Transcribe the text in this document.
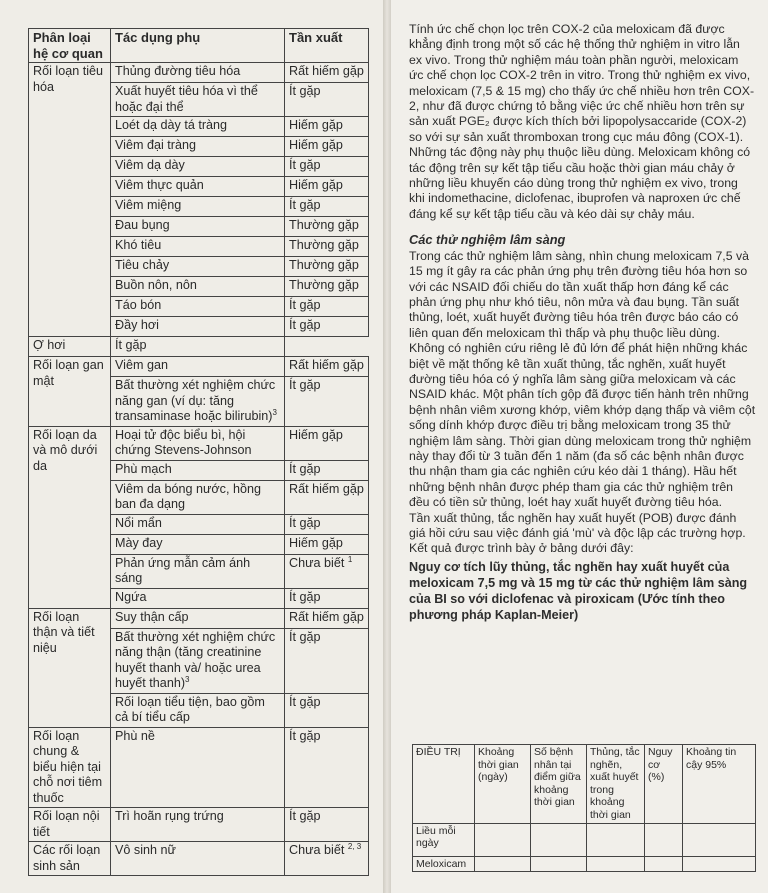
Phân loại hệ cơ quan	Tác dụng phụ	Tần xuất
Rối loạn tiêu hóa	Thủng đường tiêu hóa	Rất hiếm gặp
	Xuất huyết tiêu hóa vì thể hoặc đại thể	Ít gặp
	Loét dạ dày tá tràng	Hiếm gặp
	Viêm đại tràng	Hiếm gặp
	Viêm dạ dày	Ít gặp
	Viêm thực quản	Hiếm gặp
	Viêm miệng	Ít gặp
	Đau bụng	Thường gặp
	Khó tiêu	Thường gặp
	Tiêu chảy	Thường gặp
	Buồn nôn, nôn	Thường gặp
	Táo bón	Ít gặp
	Đầy hơi	Ít gặp
Ợ hơi	Ít gặp	
Rối loạn gan mật	Viêm gan	Rất hiếm gặp
	Bất thường xét nghiệm chức năng gan (ví dụ: tăng transaminase hoặc bilirubin)$^3$	Ít gặp
Rối loạn da và mô dưới da	Hoại tử độc biểu bì, hội chứng Stevens-Johnson	Hiếm gặp
	Phù mạch	Ít gặp
	Viêm da bóng nước, hồng ban đa dạng	Rất hiếm gặp
	Nổi mẩn	Ít gặp
	Mày đay	Hiếm gặp
	Phản ứng mẫn cảm ánh sáng	Chưa biết $^1$
	Ngứa	Ít gặp
Rối loạn thận và tiết niệu	Suy thận cấp	Rất hiếm gặp
	Bất thường xét nghiệm chức năng thận (tăng creatinine huyết thanh và/ hoặc urea huyết thanh)$^3$	Ít gặp
	Rối loạn tiểu tiện, bao gồm cả bí tiểu cấp	Ít gặp
Rối loạn chung & biểu hiện tại chỗ nơi tiêm thuốc	Phù nề	Ít gặp
Rối loạn nội tiết	Trì hoãn rụng trứng	Ít gặp
Các rối loạn sinh sản	Vô sinh nữ	Chưa biết $^{2, 3}$

Tính ức chế chọn lọc trên COX-2 của meloxicam đã được khẳng định trong một số các hệ thống thử nghiệm in vitro lẫn ex vivo. Trong thử nghiệm máu toàn phần người, meloxicam ức chế chọn lọc COX-2 trên in vitro. Trong thử nghiệm ex vivo, meloxicam (7,5 & 15 mg) cho thấy ức chế nhiều hơn trên COX-2, như đã được chứng tỏ bằng việc ức chế nhiều hơn trên sự sản xuất PGE₂ được kích thích bởi lipopolysaccaride (COX-2) so với sự sản xuất thromboxan trong cục máu đông (COX-1). Những tác động này phụ thuộc liều dùng. Meloxicam không có tác động trên sự kết tập tiểu cầu hoặc thời gian máu chảy ở những liều khuyến cáo dùng trong thử nghiệm ex vivo, trong khi indomethacine, diclofenac, ibuprofen và naproxen ức chế đáng kể sự kết tập tiểu cầu và kéo dài sự chảy máu.

Các thử nghiệm lâm sàng

Trong các thử nghiệm lâm sàng, nhìn chung meloxicam 7,5 và 15 mg ít gây ra các phản ứng phụ trên đường tiêu hóa hơn so với các NSAID đối chiếu do tần xuất thấp hơn đáng kể các phản ứng phụ như khó tiêu, nôn mửa và đau bụng. Tần suất thủng, loét, xuất huyết đường tiêu hóa trên được báo cáo có liên quan đến meloxicam thì thấp và phụ thuộc liều dùng.

Không có nghiên cứu riêng lẻ đủ lớn để phát hiện những khác biệt về mặt thống kê tần xuất thủng, tắc nghẽn, xuất huyết đường tiêu hóa có ý nghĩa lâm sàng giữa meloxicam và các NSAID khác. Một phân tích gộp đã được tiến hành trên những bệnh nhân viêm xương khớp, viêm khớp dạng thấp và viêm cột sống dính khớp được điều trị bằng meloxicam trong 35 thử nghiệm lâm sàng. Thời gian dùng meloxicam trong thử nghiệm này thay đổi từ 3 tuần đến 1 năm (đa số các bệnh nhân được thu nhận tham gia các nghiên cứu kéo dài 1 tháng). Hầu hết những bệnh nhân được phép tham gia các thử nghiệm trên đều có tiền sử thủng, loét hay xuất huyết đường tiêu hóa.

Tần xuất thủng, tắc nghẽn hay xuất huyết (POB) được đánh giá hồi cứu sau việc đánh giá 'mù' và độc lập các trường hợp.

Kết quả được trình bày ở bảng dưới đây:

Nguy cơ tích lũy thủng, tắc nghẽn hay xuất huyết của meloxicam 7,5 mg và 15 mg từ các thử nghiệm lâm sàng của BI so với diclofenac và piroxicam (Ước tính theo phương pháp Kaplan-Meier)

ĐIỀU TRỊ	Khoảng thời gian (ngày)	Số bệnh nhân tại điểm giữa khoảng thời gian	Thủng, tắc nghẽn, xuất huyết trong khoảng thời gian	Nguy cơ (%)	Khoảng tin cậy 95%
Liều mỗi ngày					
Meloxicam					
